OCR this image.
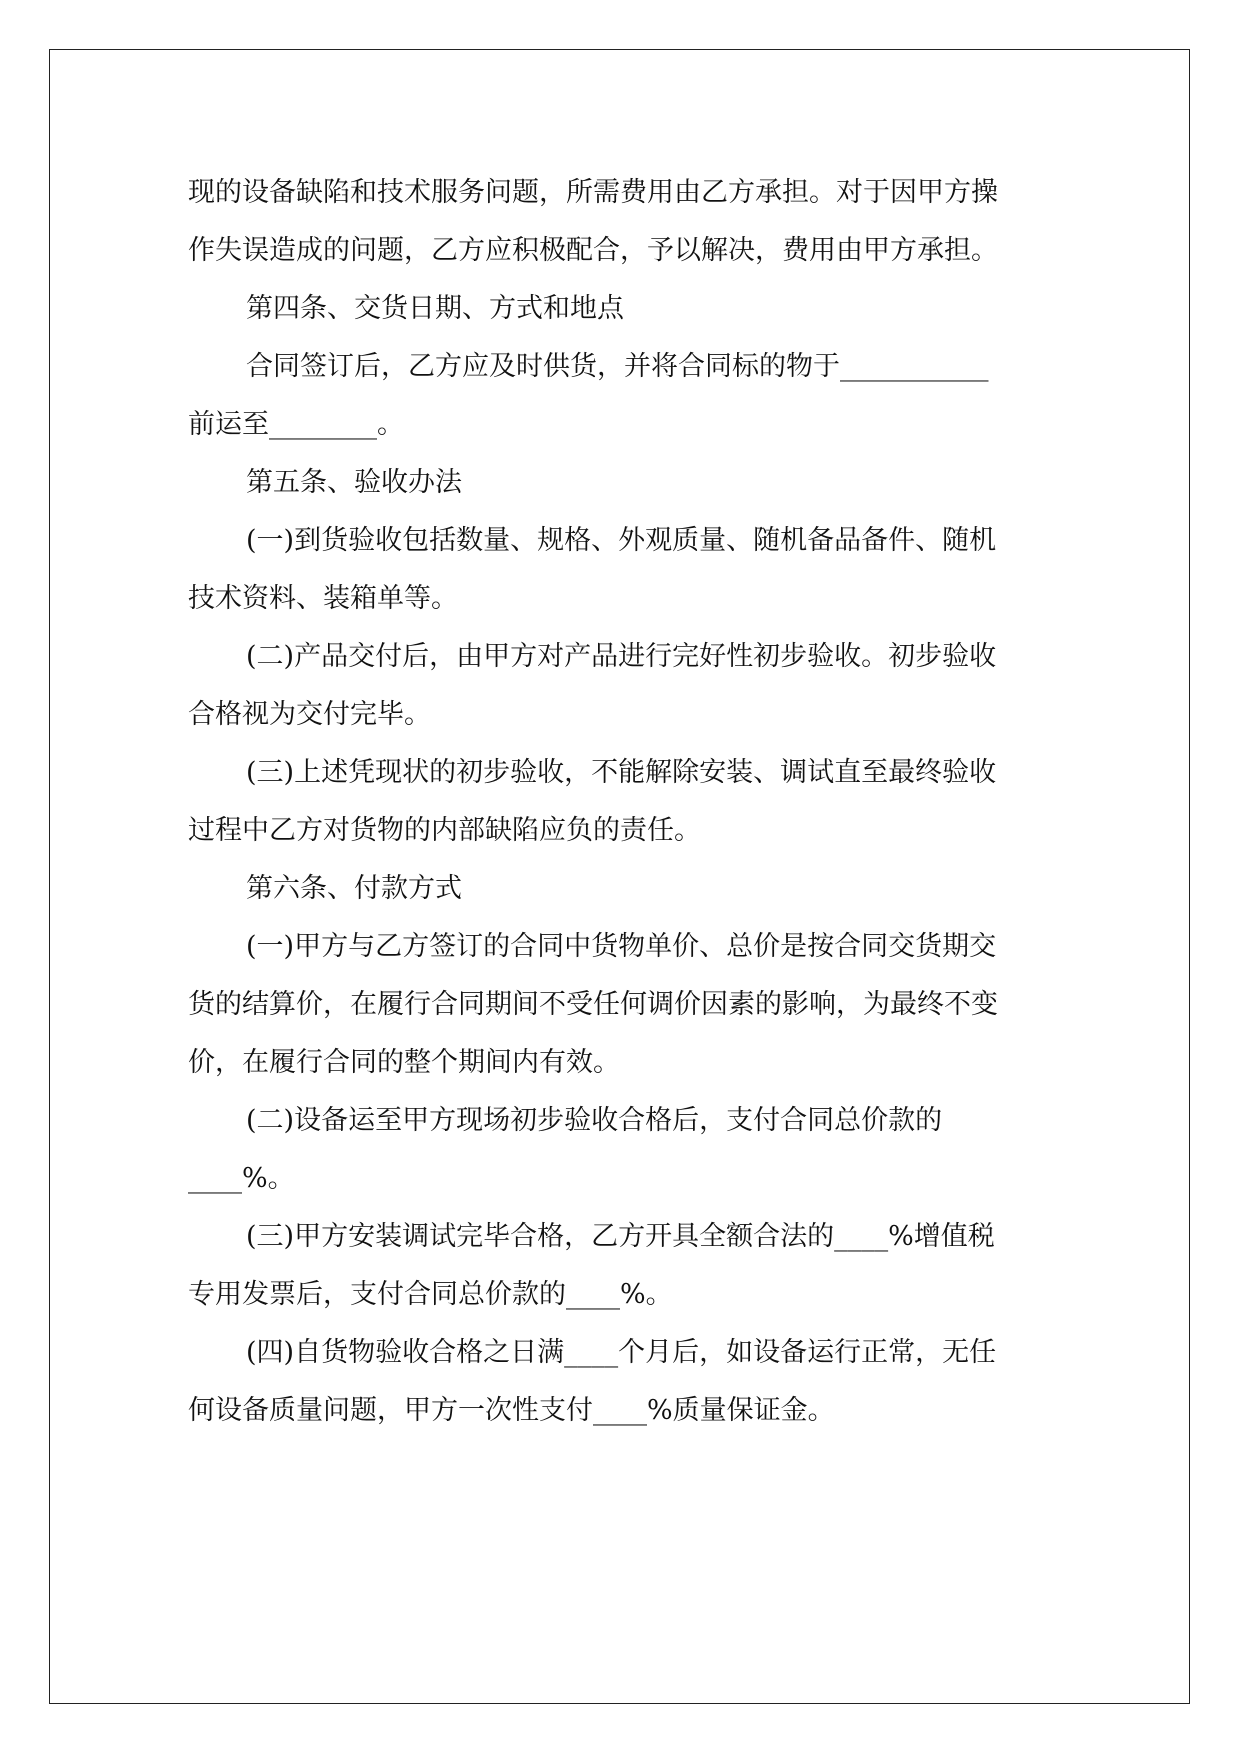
现的设备缺陷和技术服务问题，所需费用由乙方承担。对于因甲方操
作失误造成的问题，乙方应积极配合，予以解决，费用由甲方承担。
第四条、交货日期、方式和地点
合同签订后，乙方应及时供货，并将合同标的物于___________
前运至________。
第五条、验收办法
(一)到货验收包括数量、规格、外观质量、随机备品备件、随机
技术资料、装箱单等。
(二)产品交付后，由甲方对产品进行完好性初步验收。初步验收
合格视为交付完毕。
(三)上述凭现状的初步验收，不能解除安装、调试直至最终验收
过程中乙方对货物的内部缺陷应负的责任。
第六条、付款方式
(一)甲方与乙方签订的合同中货物单价、总价是按合同交货期交
货的结算价，在履行合同期间不受任何调价因素的影响，为最终不变
价，在履行合同的整个期间内有效。
(二)设备运至甲方现场初步验收合格后，支付合同总价款的
____%。
(三)甲方安装调试完毕合格，乙方开具全额合法的____%增值税
专用发票后，支付合同总价款的____%。
(四)自货物验收合格之日满____个月后，如设备运行正常，无任
何设备质量问题，甲方一次性支付____%质量保证金。
